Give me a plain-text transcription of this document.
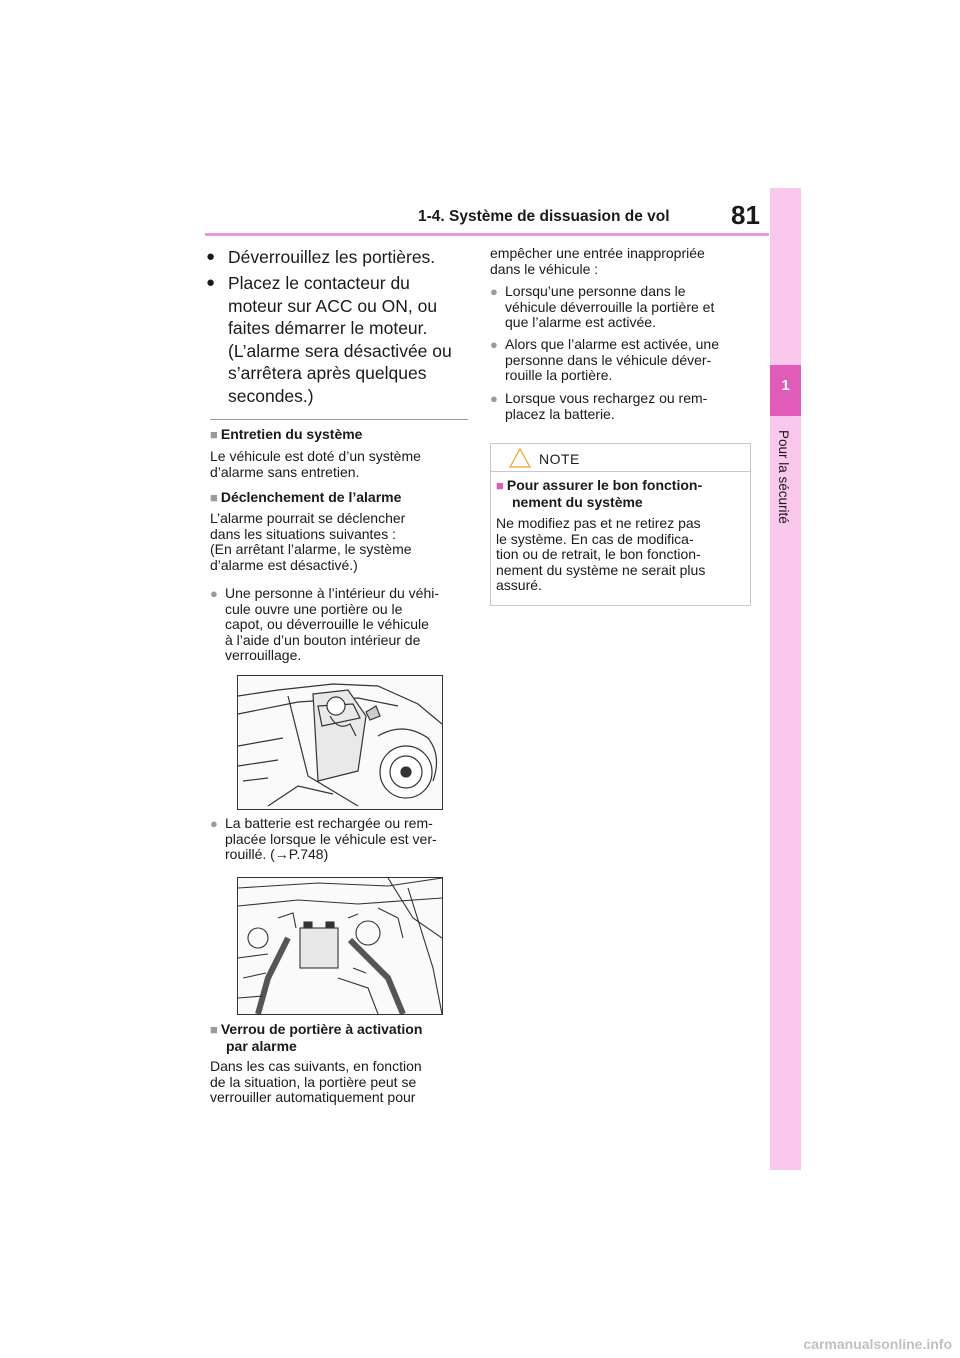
1-4. Système de dissuasion de vol 81
1
Pour la sécurité
● Déverrouillez les portières.
● Placez le contacteur du
moteur sur ACC ou ON, ou
faites démarrer le moteur.
(L’alarme sera désactivée ou
s’arrêtera après quelques
secondes.)
■ Entretien du système
Le véhicule est doté d’un système
d’alarme sans entretien.
■ Déclenchement de l’alarme
L’alarme pourrait se déclencher
dans les situations suivantes :
(En arrêtant l’alarme, le système
d’alarme est désactivé.)
● Une personne à l’intérieur du véhi-
cule ouvre une portière ou le
capot, ou déverrouille le véhicule
à l’aide d’un bouton intérieur de
verrouillage.
● La batterie est rechargée ou rem-
placée lorsque le véhicule est ver-
rouillé. (→P.748)
■ Verrou de portière à activation
par alarme
Dans les cas suivants, en fonction
de la situation, la portière peut se
verrouiller automatiquement pour
empêcher une entrée inappropriée
dans le véhicule :
● Lorsqu’une personne dans le
véhicule déverrouille la portière et
que l’alarme est activée.
● Alors que l’alarme est activée, une
personne dans le véhicule déver-
rouille la portière.
● Lorsque vous rechargez ou rem-
placez la batterie.
NOTE
■ Pour assurer le bon fonction-
nement du système
Ne modifiez pas et ne retirez pas
le système. En cas de modifica-
tion ou de retrait, le bon fonction-
nement du système ne serait plus
assuré.
carmanualsonline.info
